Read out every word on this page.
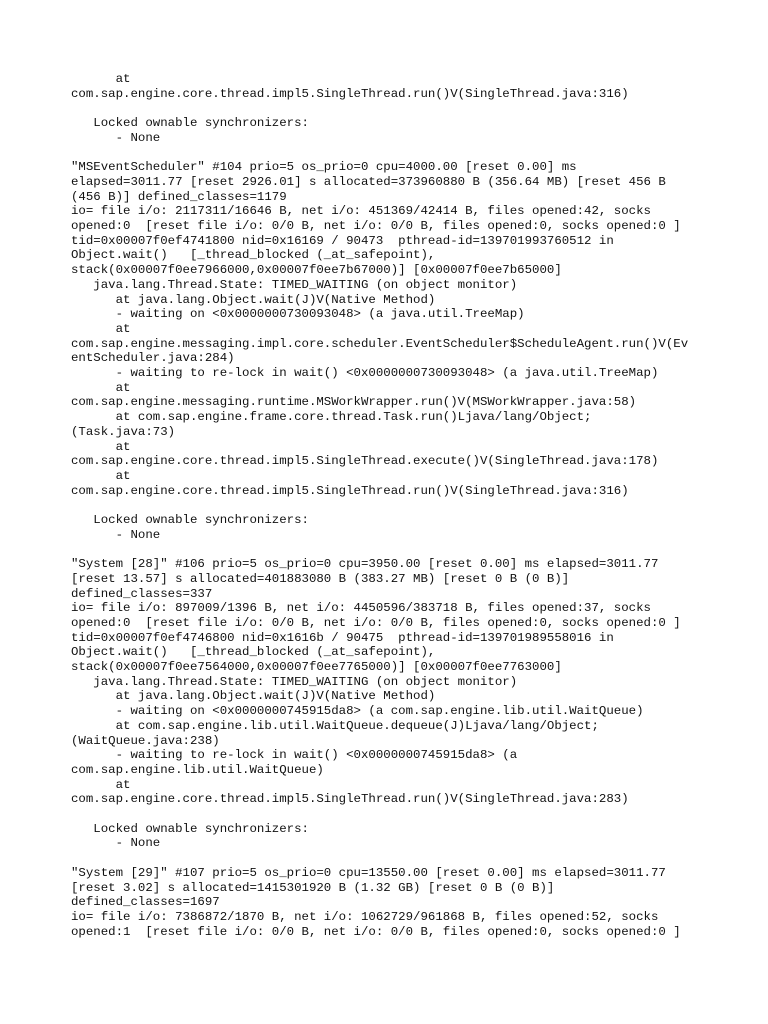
at
com.sap.engine.core.thread.impl5.SingleThread.run()V(SingleThread.java:316)
Locked ownable synchronizers:
- None
"MSEventScheduler" #104 prio=5 os_prio=0 cpu=4000.00 [reset 0.00] ms
elapsed=3011.77 [reset 2926.01] s allocated=373960880 B (356.64 MB) [reset 456 B
(456 B)] defined_classes=1179
io= file i/o: 2117311/16646 B, net i/o: 451369/42414 B, files opened:42, socks
opened:0  [reset file i/o: 0/0 B, net i/o: 0/0 B, files opened:0, socks opened:0 ]
tid=0x00007f0ef4741800 nid=0x16169 / 90473  pthread-id=139701993760512 in
Object.wait()   [_thread_blocked (_at_safepoint),
stack(0x00007f0ee7966000,0x00007f0ee7b67000)] [0x00007f0ee7b65000]
java.lang.Thread.State: TIMED_WAITING (on object monitor)
at java.lang.Object.wait(J)V(Native Method)
- waiting on <0x0000000730093048> (a java.util.TreeMap)
at
com.sap.engine.messaging.impl.core.scheduler.EventScheduler$ScheduleAgent.run()V(Ev
entScheduler.java:284)
- waiting to re-lock in wait() <0x0000000730093048> (a java.util.TreeMap)
at
com.sap.engine.messaging.runtime.MSWorkWrapper.run()V(MSWorkWrapper.java:58)
at com.sap.engine.frame.core.thread.Task.run()Ljava/lang/Object;
(Task.java:73)
at
com.sap.engine.core.thread.impl5.SingleThread.execute()V(SingleThread.java:178)
at
com.sap.engine.core.thread.impl5.SingleThread.run()V(SingleThread.java:316)
Locked ownable synchronizers:
- None
"System [28]" #106 prio=5 os_prio=0 cpu=3950.00 [reset 0.00] ms elapsed=3011.77
[reset 13.57] s allocated=401883080 B (383.27 MB) [reset 0 B (0 B)]
defined_classes=337
io= file i/o: 897009/1396 B, net i/o: 4450596/383718 B, files opened:37, socks
opened:0  [reset file i/o: 0/0 B, net i/o: 0/0 B, files opened:0, socks opened:0 ]
tid=0x00007f0ef4746800 nid=0x1616b / 90475  pthread-id=139701989558016 in
Object.wait()   [_thread_blocked (_at_safepoint),
stack(0x00007f0ee7564000,0x00007f0ee7765000)] [0x00007f0ee7763000]
java.lang.Thread.State: TIMED_WAITING (on object monitor)
at java.lang.Object.wait(J)V(Native Method)
- waiting on <0x0000000745915da8> (a com.sap.engine.lib.util.WaitQueue)
at com.sap.engine.lib.util.WaitQueue.dequeue(J)Ljava/lang/Object;
(WaitQueue.java:238)
- waiting to re-lock in wait() <0x0000000745915da8> (a
com.sap.engine.lib.util.WaitQueue)
at
com.sap.engine.core.thread.impl5.SingleThread.run()V(SingleThread.java:283)
Locked ownable synchronizers:
- None
"System [29]" #107 prio=5 os_prio=0 cpu=13550.00 [reset 0.00] ms elapsed=3011.77
[reset 3.02] s allocated=1415301920 B (1.32 GB) [reset 0 B (0 B)]
defined_classes=1697
io= file i/o: 7386872/1870 B, net i/o: 1062729/961868 B, files opened:52, socks
opened:1  [reset file i/o: 0/0 B, net i/o: 0/0 B, files opened:0, socks opened:0 ]
